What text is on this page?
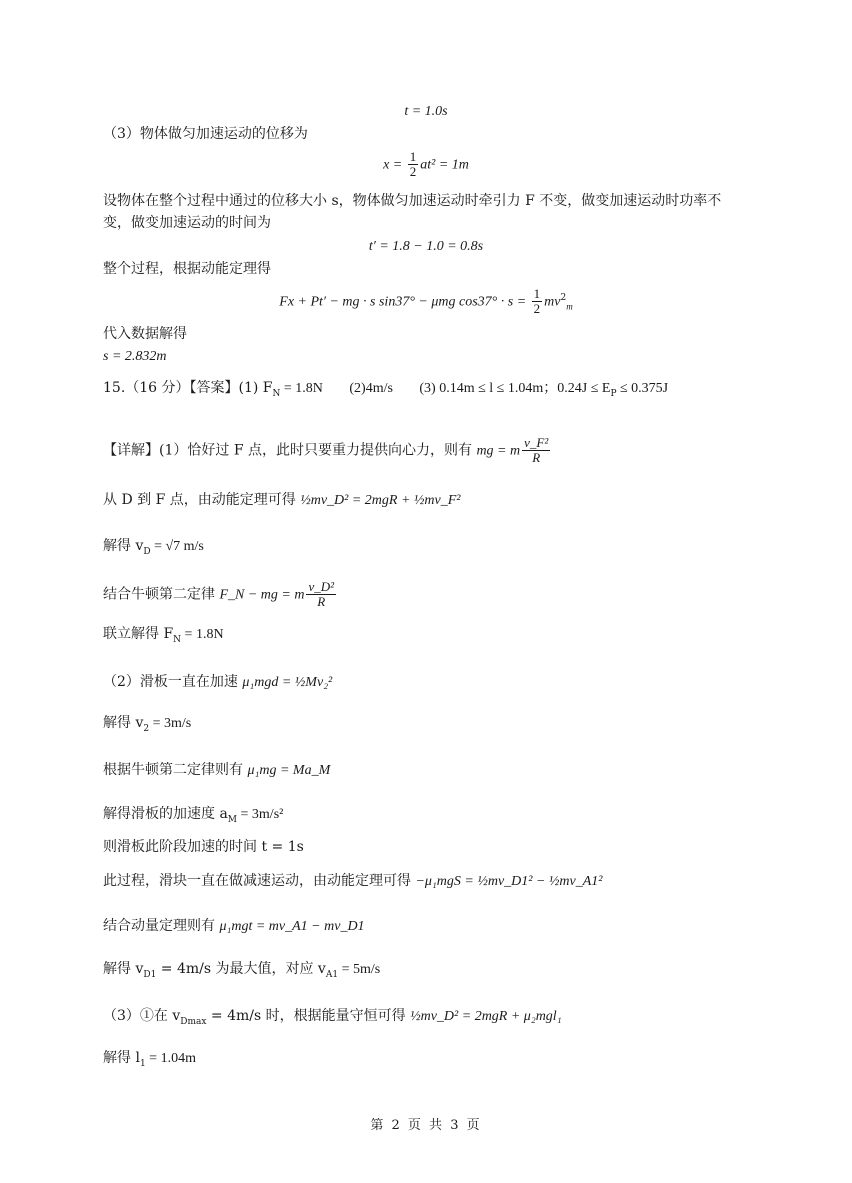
t = 1.0s
（3）物体做匀加速运动的位移为
$x = \frac{1}{2} at^2 = 1m$
设物体在整个过程中通过的位移大小 s，物体做匀加速运动时牵引力 F 不变，做变加速运动时功率不
变，做变加速运动的时间为
t′ = 1.8 − 1.0 = 0.8s
整个过程，根据动能定理得
Fx + Pt′ − mg · s sin37° − μmg $\cos 37^\circ \cdot s = \frac{1}{2} mv^2_m$
代入数据解得
s = 2.832m
15.（16 分）【答案】(1) $F_N = 1.8N$ (2)4m/s (3) 0.14m ≤ l ≤ 1.04m；$0.24J \le E_P \le 0.375J$
【详解】(1）恰好过 F 点，此时只要重力提供向心力，则有 mg = m $\frac{\text{v\_F²}}{R}$
从 D 到 F 点，由动能定理可得 ½mv_D² = 2mgR + ½mv_F²
解得 $v_D = √7$ m/s
结合牛顿第二定律 F_N − mg = m $\frac{\text{v\_D²}}{R}$
联立解得 $F_N = 1.8N$
（2）滑板一直在加速 μ₁mgd = ½Mv₂²
解得 $v_2 = 3m/s$
根据牛顿第二定律则有 μ₁mg = Ma_M
解得滑板的加速度 $a_M = 3m/s^2$
则滑板此阶段加速的时间 t = 1s
此过程，滑块一直在做减速运动，由动能定理可得 −μ₁mgS = ½mv_D1² − ½mv_A1²
结合动量定理则有 μ₁mgt = mv_A1 − mv_D1
解得 $v_{D1} = 4m/s$ 为最大值，对应 $v_{A1} = 5m/s$
（3）①在 $v_{Dmax} = 4m/s$ 时，根据能量守恒可得 ½mv_D² = 2mgR + μ₂mgl₁
解得 $l_1 = 1.04m$
第 2 页 共 3 页
